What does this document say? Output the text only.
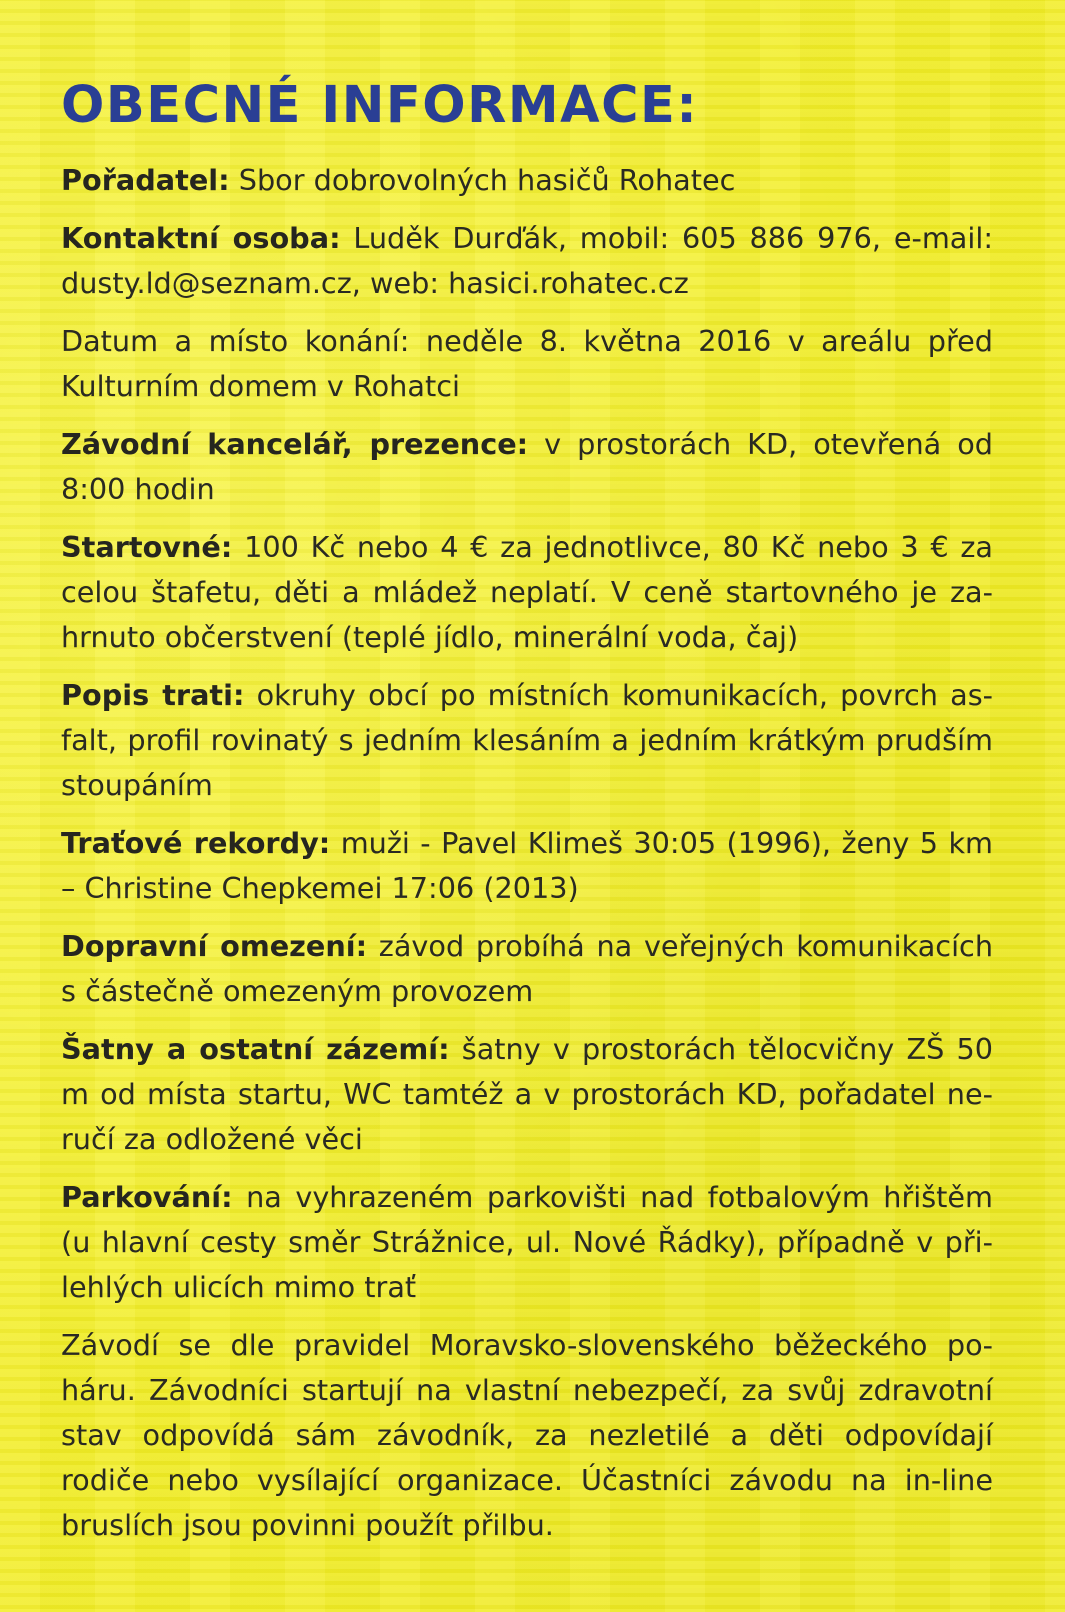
OBECNÉ INFORMACE:

Pořadatel: Sbor dobrovolných hasičů Rohatec

Kontaktní osoba: Luděk Durďák, mobil: 605 886 976, e-mail: dusty.ld@seznam.cz, web: hasici.rohatec.cz

Datum a místo konání: neděle 8. května 2016 v areálu před Kulturním domem v Rohatci

Závodní kancelář, prezence: v prostorách KD, otevřená od 8:00 hodin

Startovné: 100 Kč nebo 4 € za jednotlivce, 80 Kč nebo 3 € za celou štafetu, děti a mládež neplatí. V ceně startovného je zahrnuto občerstvení (teplé jídlo, minerální voda, čaj)

Popis trati: okruhy obcí po místních komunikacích, povrch asfalt, profil rovinatý s jedním klesáním a jedním krátkým prudším stoupáním

Traťové rekordy: muži - Pavel Klimeš 30:05 (1996), ženy 5 km – Christine Chepkemei 17:06 (2013)

Dopravní omezení: závod probíhá na veřejných komunikacích s částečně omezeným provozem

Šatny a ostatní zázemí: šatny v prostorách tělocvičny ZŠ 50 m od místa startu, WC tamtéž a v prostorách KD, pořadatel neručí za odložené věci

Parkování: na vyhrazeném parkovišti nad fotbalovým hřištěm (u hlavní cesty směr Strážnice, ul. Nové Řádky), případně v přilehlých ulicích mimo trať

Závodí se dle pravidel Moravsko-slovenského běžeckého poháru. Závodníci startují na vlastní nebezpečí, za svůj zdravotní stav odpovídá sám závodník, za nezletilé a děti odpovídají rodiče nebo vysílající organizace. Účastníci závodu na in-line bruslích jsou povinni použít přilbu.
